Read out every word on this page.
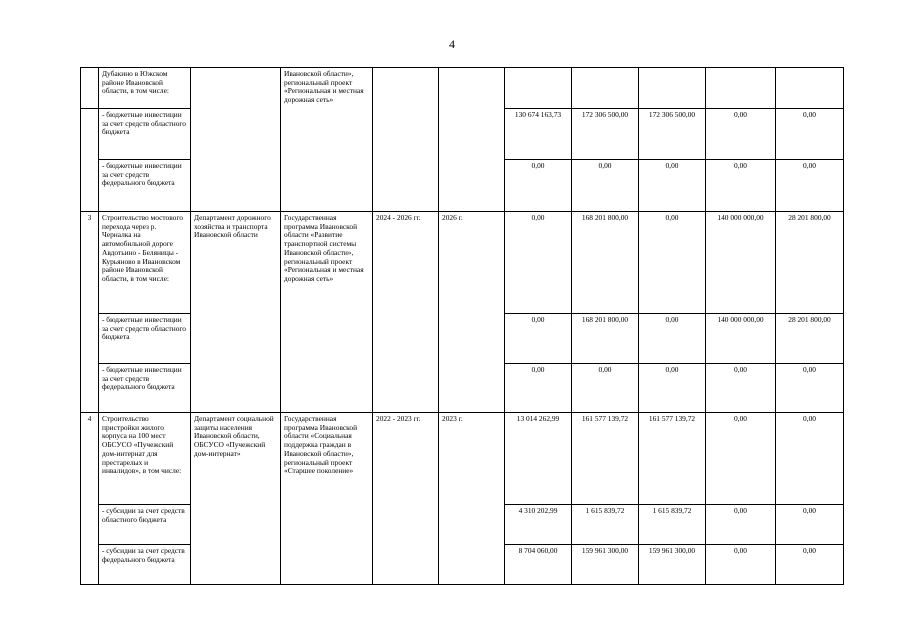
4
	Дубакино в Южском районе Ивановской области, в том числе:		Ивановской области», региональный проект «Региональная и местная дорожная сеть»							
	- бюджетные инвестиции за счет средств областного бюджета					130 674 163,73	172 306 500,00	172 306 500,00	0,00	0,00
	- бюджетные инвестиции за счет средств федерального бюджета					0,00	0,00	0,00	0,00	0,00
3	Строительство мостового перехода через р. Черналка на автомобильной дороге Авдотьино - Беляницы - Курьяново в Ивановском районе Ивановской области, в том числе:	Департамент дорожного хозяйства и транспорта Ивановской области	Государственная программа Ивановской области «Развитие транспортной системы Ивановской области», региональный проект «Региональная и местная дорожная сеть»	2024 - 2026 гг.	2026 г.	0,00	168 201 800,00	0,00	140 000 000,00	28 201 800,00
	- бюджетные инвестиции за счет средств областного бюджета					0,00	168 201 800,00	0,00	140 000 000,00	28 201 800,00
	- бюджетные инвестиции за счет средств федерального бюджета					0,00	0,00	0,00	0,00	0,00
4	Строительство пристройки жилого корпуса на 100 мест ОБСУСО «Пучежский дом-интернат для престарелых и инвалидов», в том числе:	Департамент социальной защиты населения Ивановской области, ОБСУСО «Пучежский дом-интернат»	Государственная программа Ивановской области «Социальная поддержка граждан в Ивановской области», региональный проект «Старшее поколение»	2022 - 2023 гг.	2023 г.	13 014 262,99	161 577 139,72	161 577 139,72	0,00	0,00
	- субсидии за счет средств областного бюджета					4 310 202,99	1 615 839,72	1 615 839,72	0,00	0,00
	- субсидии за счет средств федерального бюджета					8 704 060,00	159 961 300,00	159 961 300,00	0,00	0,00
